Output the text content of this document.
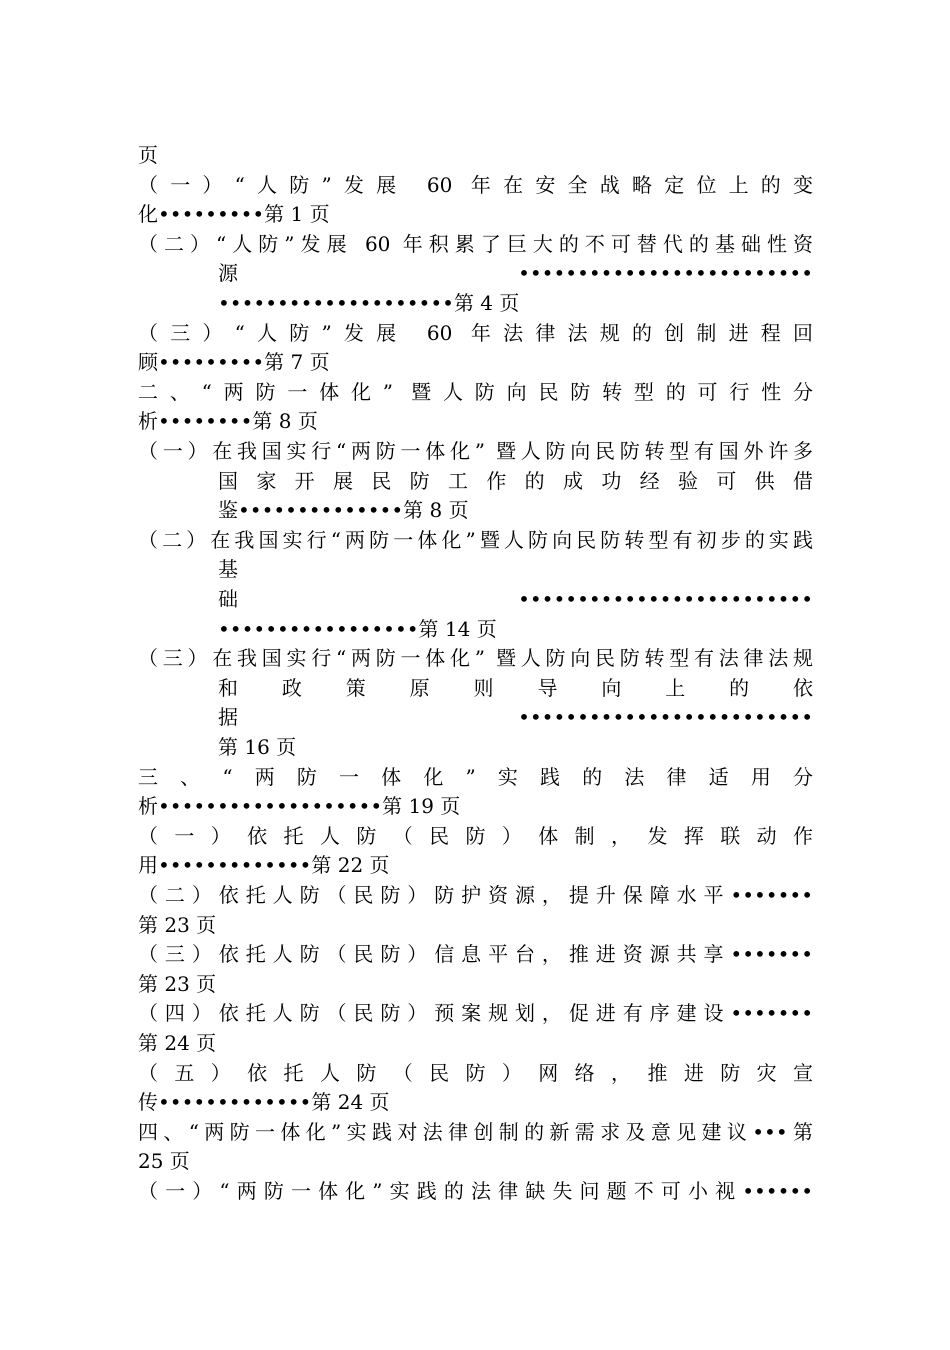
页
（一）“人防”发展 60 年在安全战略定位上的变
化•••••••••第 1 页
（二）“人防”发展 60 年积累了巨大的不可替代的基础性资
源•••••••••••••••••••••••••
••••••••••••••••••••第 4 页
（三）“人防”发展 60 年法律法规的创制进程回
顾•••••••••第 7 页
二、“两防一体化” 暨人防向民防转型的可行性分
析••••••••第 8 页
（一）在我国实行“两防一体化” 暨人防向民防转型有国外许多
国家开展民防工作的成功经验可供借
鉴••••••••••••••第 8 页
（二）在我国实行“两防一体化”暨人防向民防转型有初步的实践
基
础•••••••••••••••••••••••••
•••••••••••••••••第 14 页
（三）在我国实行“两防一体化” 暨人防向民防转型有法律法规
和政策原则导向上的依
据•••••••••••••••••••••••••
第 16 页
三、“两防一体化”实践的法律适用分
析•••••••••••••••••••第 19 页
（一）依托人防（民防）体制，发挥联动作
用•••••••••••••第 22 页
（二）依托人防（民防）防护资源，提升保障水平•••••••
第 23 页
（三）依托人防（民防）信息平台，推进资源共享•••••••
第 23 页
（四）依托人防（民防）预案规划，促进有序建设•••••••
第 24 页
（五）依托人防（民防）网络，推进防灾宣
传•••••••••••••第 24 页
四、“两防一体化”实践对法律创制的新需求及意见建议•••第
25 页
（一）“两防一体化”实践的法律缺失问题不可小视••••••
